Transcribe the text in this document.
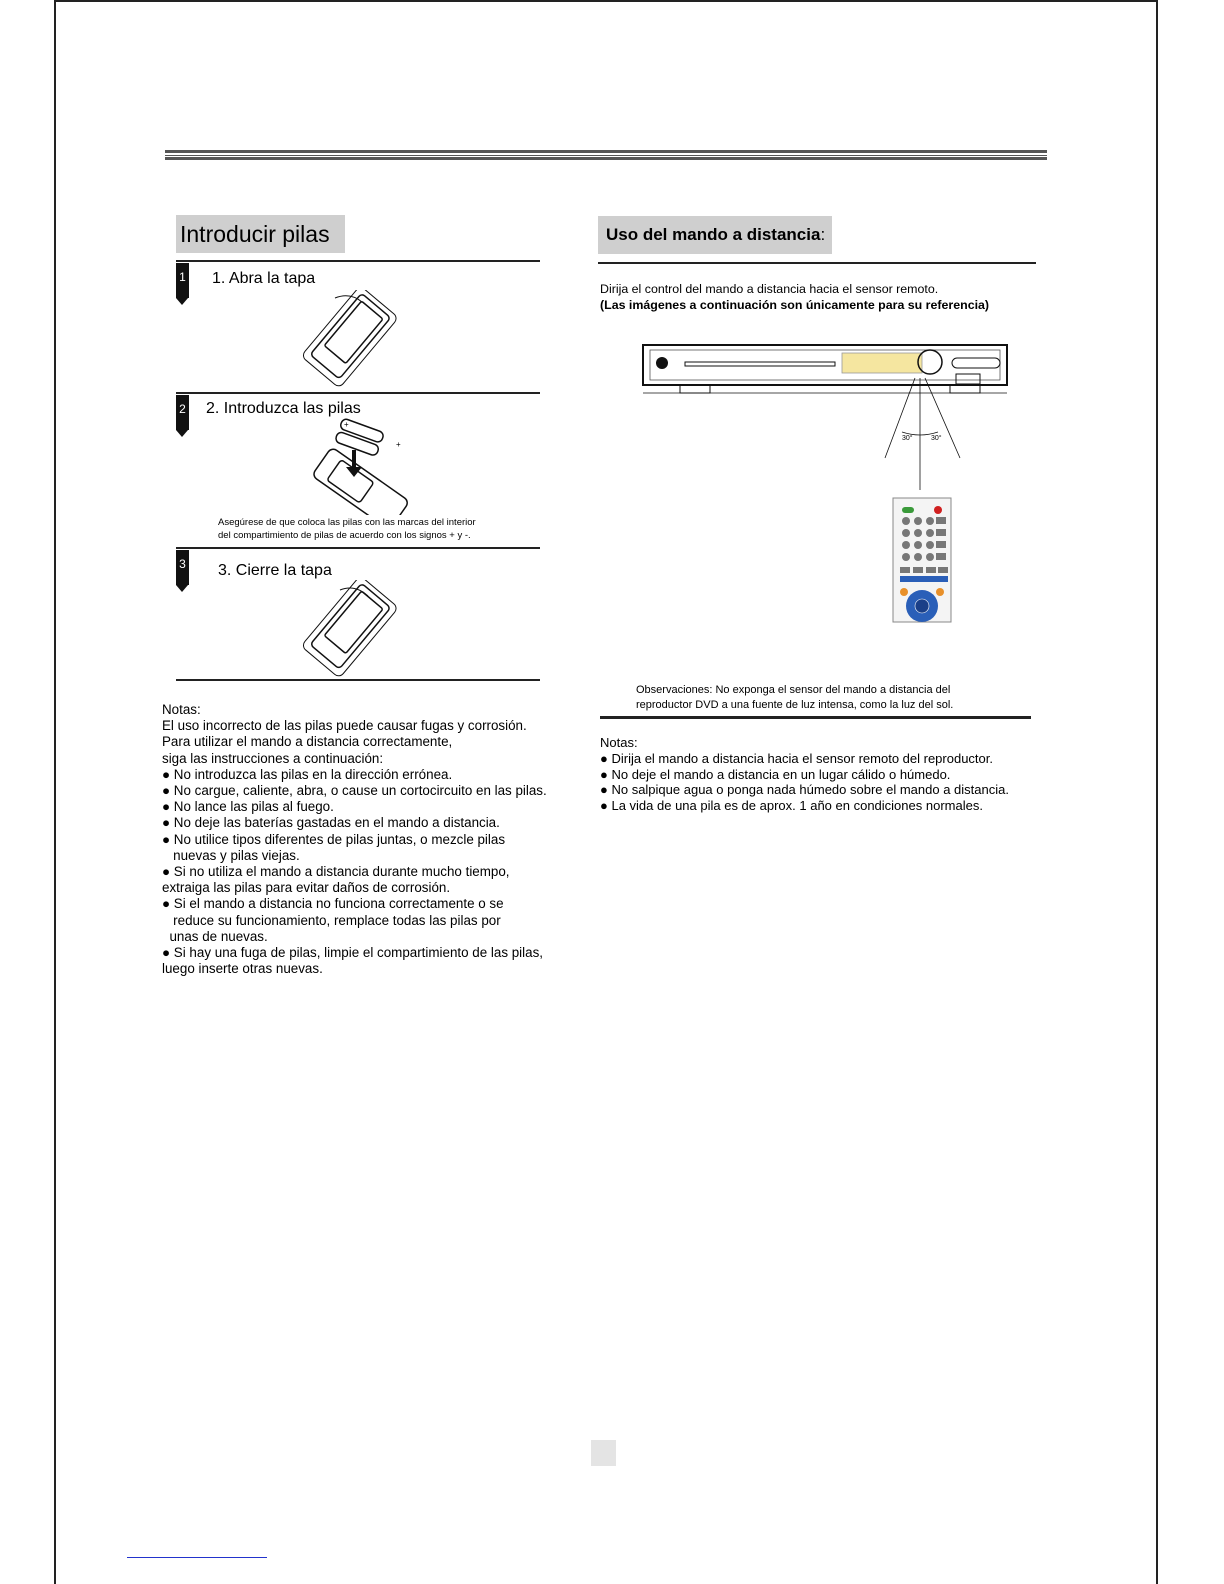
Introducir pilas
1 1. Abra la tapa
2 2. Introduzca las pilas
+
+
Asegúrese de que coloca las pilas con las marcas del interior
del compartimiento de pilas de acuerdo con los signos + y -.
3 3. Cierre la tapa
Notas:
El uso incorrecto de las pilas puede causar fugas y corrosión.
Para utilizar el mando a distancia correctamente,
siga las instrucciones a continuación:
● No introduzca las pilas en la dirección errónea.
● No cargue, caliente, abra, o cause un cortocircuito en las pilas.
● No lance las pilas al fuego.
● No deje las baterías gastadas en el mando a distancia.
● No utilice tipos diferentes de pilas juntas, o mezcle pilas
nuevas y pilas viejas.
● Si no utiliza el mando a distancia durante mucho tiempo,
extraiga las pilas para evitar daños de corrosión.
● Si el mando a distancia no funciona correctamente o se
reduce su funcionamiento, remplace todas las pilas por
unas de nuevas.
● Si hay una fuga de pilas, limpie el compartimiento de las pilas,
luego inserte otras nuevas.
Uso del mando a distancia:
Dirija el control del mando a distancia hacia el sensor remoto.
(Las imágenes a continuación son únicamente para su referencia)
30°	30°
Observaciones: No exponga el sensor del mando a distancia del
reproductor DVD a una fuente de luz intensa, como la luz del sol.
Notas:
● Dirija el mando a distancia hacia el sensor remoto del reproductor.
● No deje el mando a distancia en un lugar cálido o húmedo.
● No salpique agua o ponga nada húmedo sobre el mando a distancia.
● La vida de una pila es de aprox. 1 año en condiciones normales.
